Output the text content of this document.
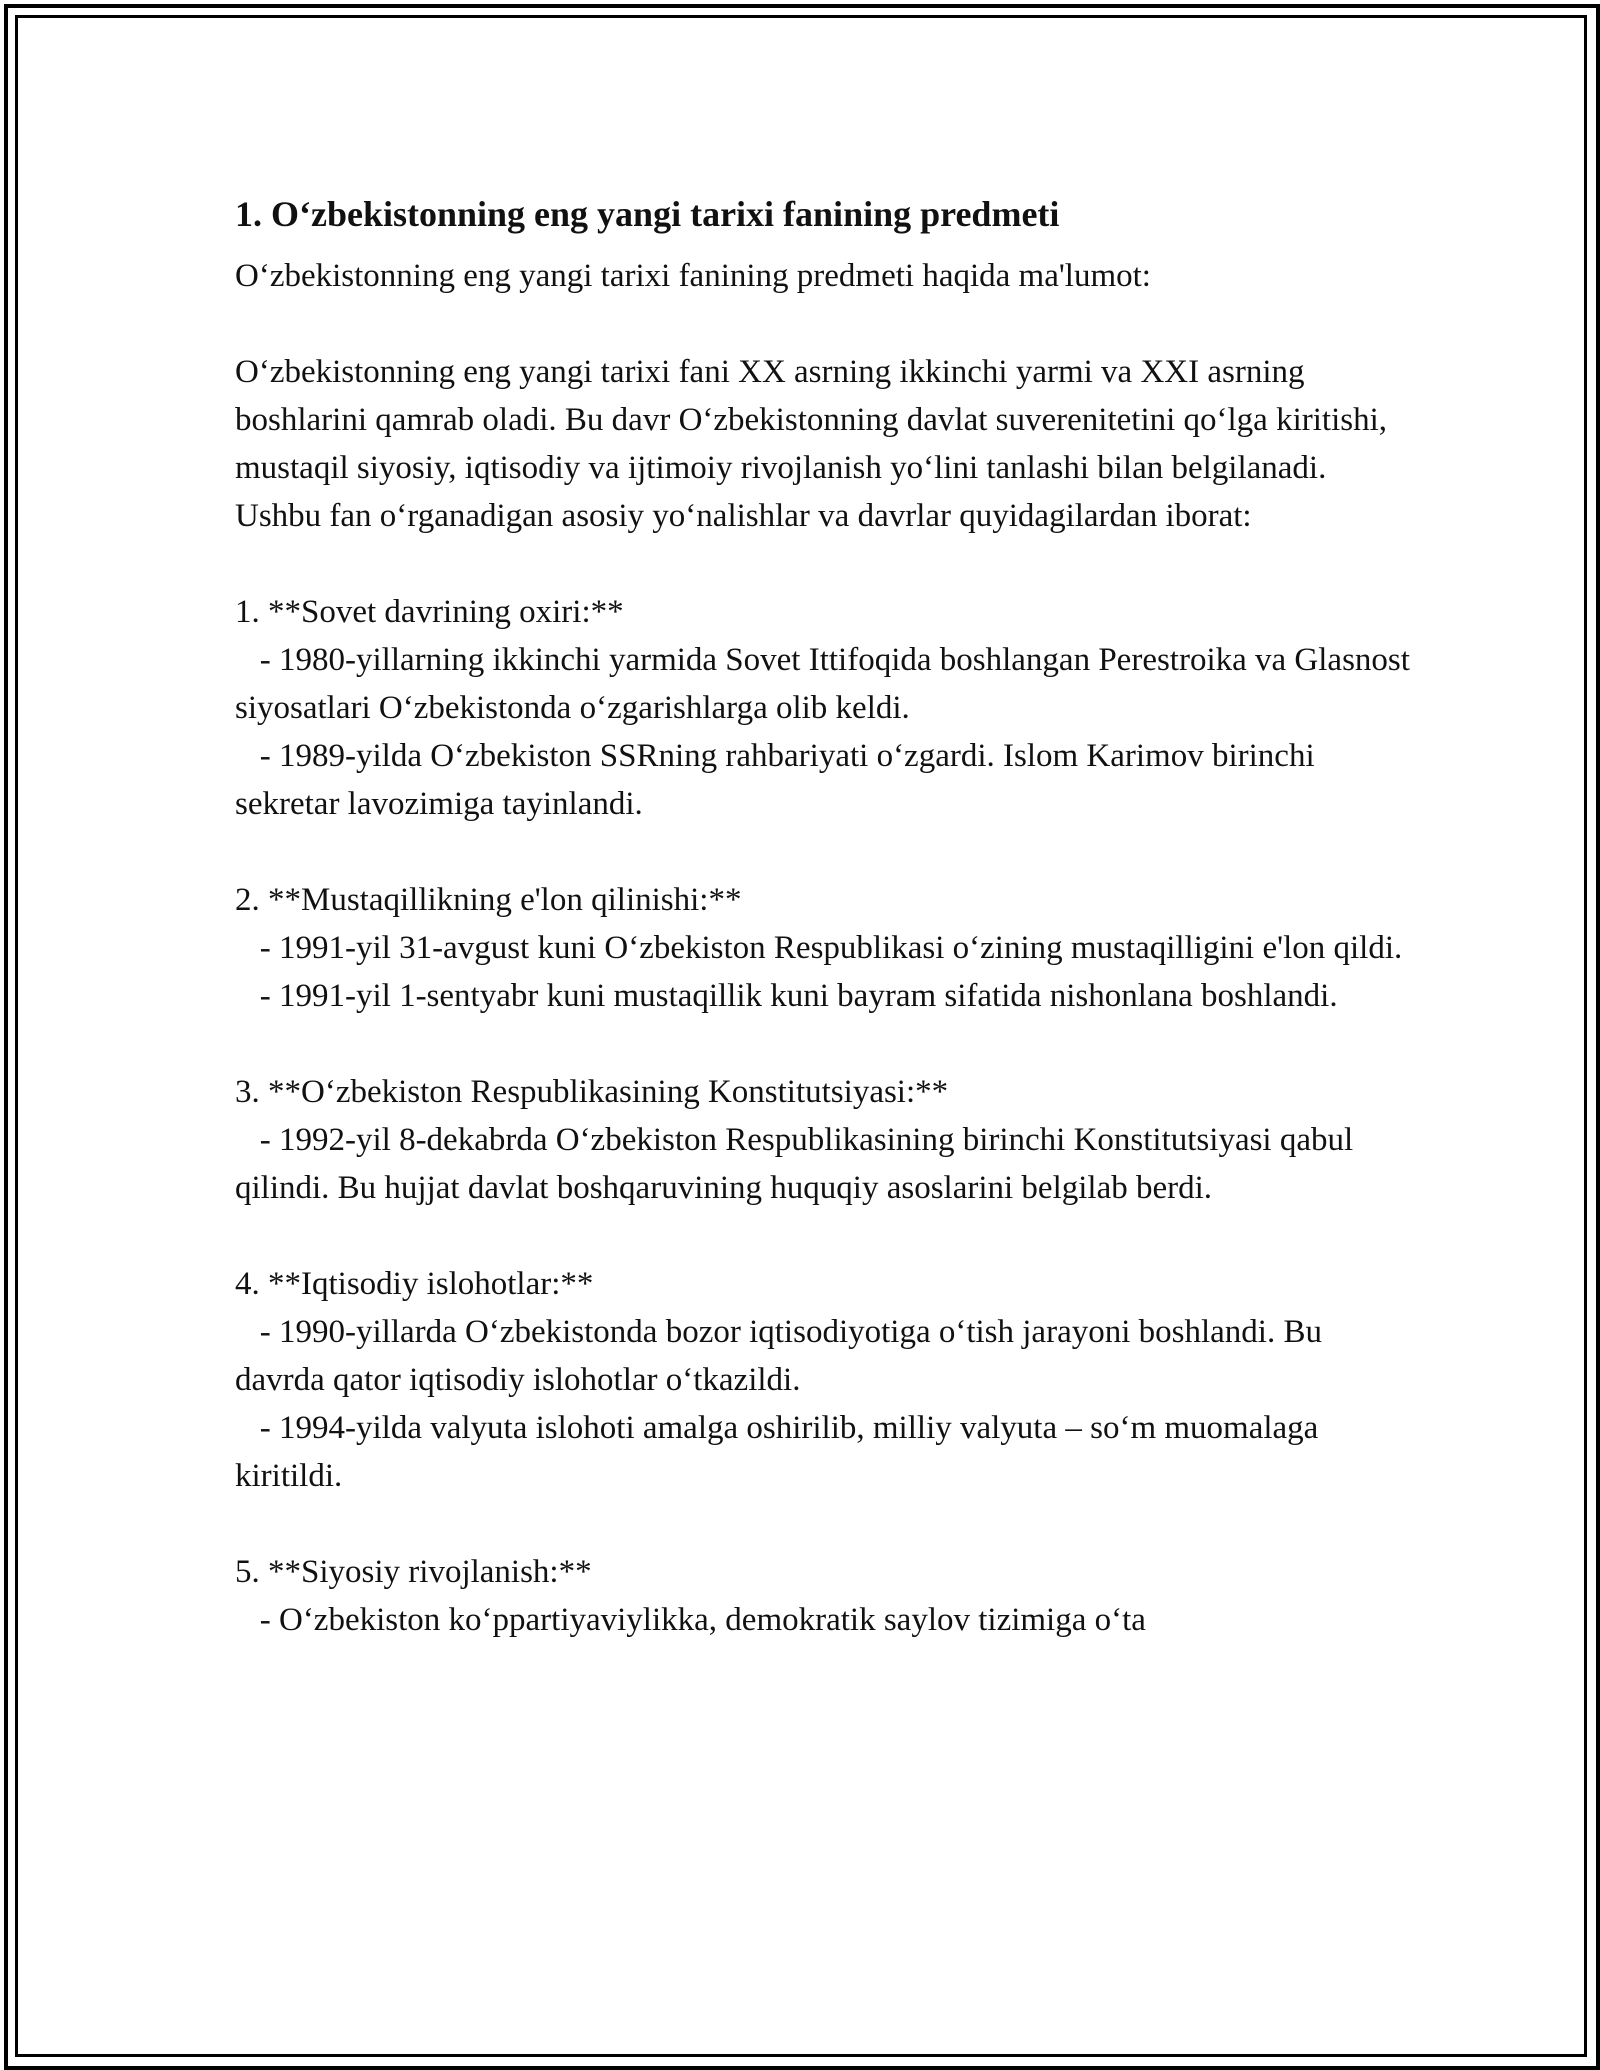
1. O‘zbekistonning eng yangi tarixi fanining predmeti

O‘zbekistonning eng yangi tarixi fanining predmeti haqida ma'lumot:

O‘zbekistonning eng yangi tarixi fani XX asrning ikkinchi yarmi va XXI asrning boshlarini qamrab oladi. Bu davr O‘zbekistonning davlat suverenitetini qo‘lga kiritishi, mustaqil siyosiy, iqtisodiy va ijtimoiy rivojlanish yo‘lini tanlashi bilan belgilanadi. Ushbu fan o‘rganadigan asosiy yo‘nalishlar va davrlar quyidagilardan iborat:

1. **Sovet davrining oxiri:**
- 1980-yillarning ikkinchi yarmida Sovet Ittifoqida boshlangan Perestroika va Glasnost siyosatlari O‘zbekistonda o‘zgarishlarga olib keldi.
- 1989-yilda O‘zbekiston SSRning rahbariyati o‘zgardi. Islom Karimov birinchi sekretar lavozimiga tayinlandi.
2. **Mustaqillikning e'lon qilinishi:**
- 1991-yil 31-avgust kuni O‘zbekiston Respublikasi o‘zining mustaqilligini e'lon qildi.
- 1991-yil 1-sentyabr kuni mustaqillik kuni bayram sifatida nishonlana boshlandi.
3. **O‘zbekiston Respublikasining Konstitutsiyasi:**
- 1992-yil 8-dekabrda O‘zbekiston Respublikasining birinchi Konstitutsiyasi qabul qilindi. Bu hujjat davlat boshqaruvining huquqiy asoslarini belgilab berdi.
4. **Iqtisodiy islohotlar:**
- 1990-yillarda O‘zbekistonda bozor iqtisodiyotiga o‘tish jarayoni boshlandi. Bu davrda qator iqtisodiy islohotlar o‘tkazildi.
- 1994-yilda valyuta islohoti amalga oshirilib, milliy valyuta – so‘m muomalaga kiritildi.
5. **Siyosiy rivojlanish:**
- O‘zbekiston ko‘ppartiyaviylikka, demokratik saylov tizimiga o‘ta
